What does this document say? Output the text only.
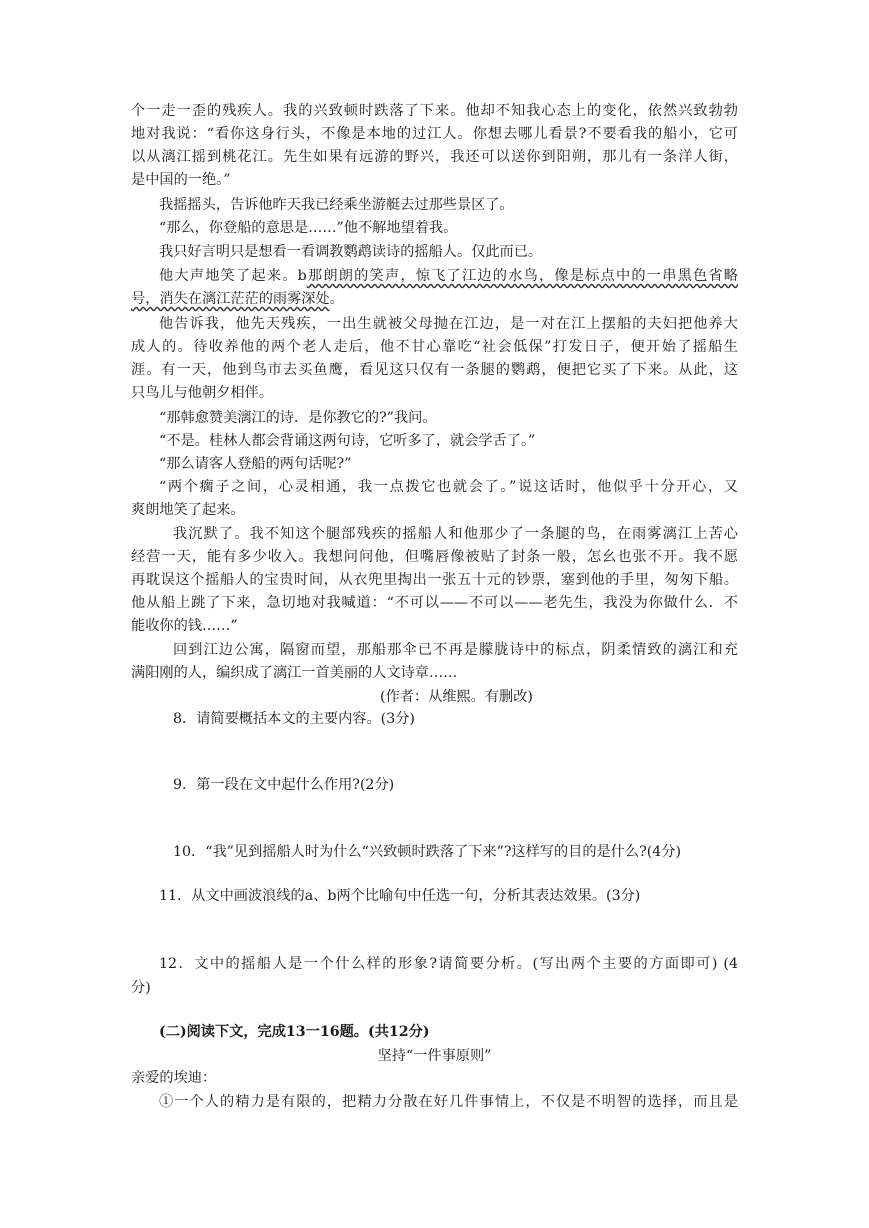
个一走一歪的残疾人。我的兴致顿时跌落了下来。他却不知我心态上的变化，依然兴致勃勃
地对我说：“看你这身行头，不像是本地的过江人。你想去哪儿看景?不要看我的船小，它可
以从漓江摇到桃花江。先生如果有远游的野兴，我还可以送你到阳朔，那儿有一条洋人街，
是中国的一绝。”
我摇摇头，告诉他昨天我已经乘坐游艇去过那些景区了。
“那么，你登船的意思是……”他不解地望着我。
我只好言明只是想看一看调教鹦鹉读诗的摇船人。仅此而已。
他大声地笑了起来。b那朗朗的笑声，惊飞了江边的水鸟，像是标点中的一串黑色省略
号，消失在漓江茫茫的雨雾深处。
他告诉我，他先天残疾，一出生就被父母抛在江边，是一对在江上摆船的夫妇把他养大
成人的。待收养他的两个老人走后，他不甘心靠吃“社会低保”打发日子，便开始了摇船生
涯。有一天，他到鸟市去买鱼鹰，看见这只仅有一条腿的鹦鹉，便把它买了下来。从此，这
只鸟儿与他朝夕相伴。
“那韩愈赞美漓江的诗．是你教它的?”我问。
“不是。桂林人都会背诵这两句诗，它听多了，就会学舌了。”
“那么请客人登船的两句话呢?”
“两个瘸子之间，心灵相通，我一点拨它也就会了。”说这话时，他似乎十分开心，又
爽朗地笑了起来。
我沉默了。我不知这个腿部残疾的摇船人和他那少了一条腿的鸟，在雨雾漓江上苦心
经营一天，能有多少收入。我想问问他，但嘴唇像被贴了封条一般，怎幺也张不开。我不愿
再耽误这个摇船人的宝贵时间，从衣兜里掏出一张五十元的钞票，塞到他的手里，匆匆下船。
他从船上跳了下来，急切地对我喊道：“不可以——不可以——老先生，我没为你做什么．不
能收你的钱……”
回到江边公寓，隔窗而望，那船那伞已不再是朦胧诗中的标点，阴柔情致的漓江和充
满阳刚的人，编织成了漓江一首美丽的人文诗章……
(作者：从维熙。有删改)
8．请简要概括本文的主要内容。(3分)
9．第一段在文中起什么作用?(2分)
10．“我”见到摇船人时为什么“兴致顿时跌落了下来”?这样写的目的是什么?(4分)
11．从文中画波浪线的a、b两个比喻句中任选一句，分析其表达效果。(3分)
12．文中的摇船人是一个什么样的形象?请简要分析。(写出两个主要的方面即可) (4
分)
(二)阅读下文，完成13一16题。(共12分)
坚持“一件事原则”
亲爱的埃迪：
①一个人的精力是有限的，把精力分散在好几件事情上，不仅是不明智的选择，而且是
